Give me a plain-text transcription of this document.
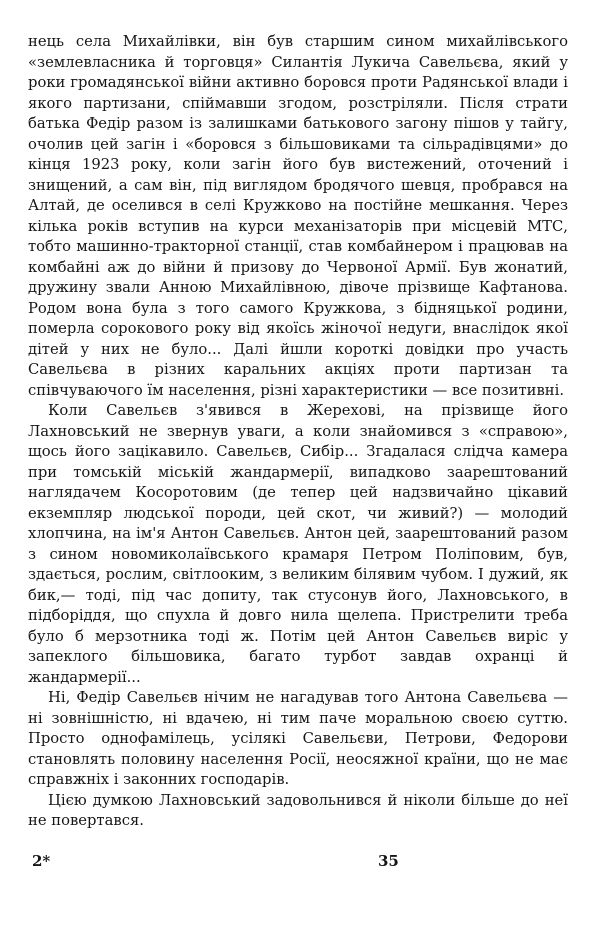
нець села Михайлівки, він був старшим сином михайлівського «землевласника й торговця» Силантія Лукича Савельєва, який у роки громадянської війни активно боровся проти Радянської влади і якого партизани, спіймавши згодом, розстріляли. Після страти батька Федір разом із залишками батькового загону пішов у тайгу, очолив цей загін і «боровся з більшовиками та сільрадівцями» до кінця 1923 року, коли загін його був вистежений, оточений і знищений, а сам він, під виглядом бродячого шевця, пробрався на Алтай, де оселився в селі Кружково на постійне мешкання. Через кілька років вступив на курси механізаторів при місцевій МТС, тобто машинно-тракторної станції, став комбайнером і працював на комбайні аж до війни й призову до Червоної Армії. Був жонатий, дружину звали Анною Михайлівною, дівоче прізвище Кафтанова. Родом вона була з того самого Кружкова, з бідняцької родини, померла сорокового року від якоїсь жіночої недуги, внаслідок якої дітей у них не було... Далі йшли короткі довідки про участь Савельєва в різних каральних акціях проти партизан та співчуваючого їм населення, різні характеристики — все позитивні.

Коли Савельєв з'явився в Жерехові, на прізвище його Лахновський не звернув уваги, а коли знайомився з «справою», щось його зацікавило. Савельєв, Сибір... Згадалася слідча камера при томській міській жандармерії, випадково заарештований наглядачем Косоротовим (де тепер цей надзвичайно цікавий екземпляр людської породи, цей скот, чи живий?) — молодий хлопчина, на ім'я Антон Савельєв. Антон цей, заарештований разом з сином новомиколаївського крамаря Петром Поліповим, був, здається, рослим, світлооким, з великим білявим чубом. І дужий, як бик,— тоді, під час допиту, так стусонув його, Лахновського, в підборіддя, що спухла й довго нила щелепа. Пристрелити треба було б мерзотника тоді ж. Потім цей Антон Савельєв виріс у запеклого більшовика, багато турбот завдав охранці й жандармерії...

Ні, Федір Савельєв нічим не нагадував того Антона Савельєва — ні зовнішністю, ні вдачею, ні тим паче моральною своєю суттю. Просто однофамілець, усілякі Савельєви, Петрови, Федорови становлять половину населення Росії, неосяжної країни, що не має справжніх і законних господарів.

Цією думкою Лахновський задовольнився й ніколи більше до неї не повертався.

2*	35
